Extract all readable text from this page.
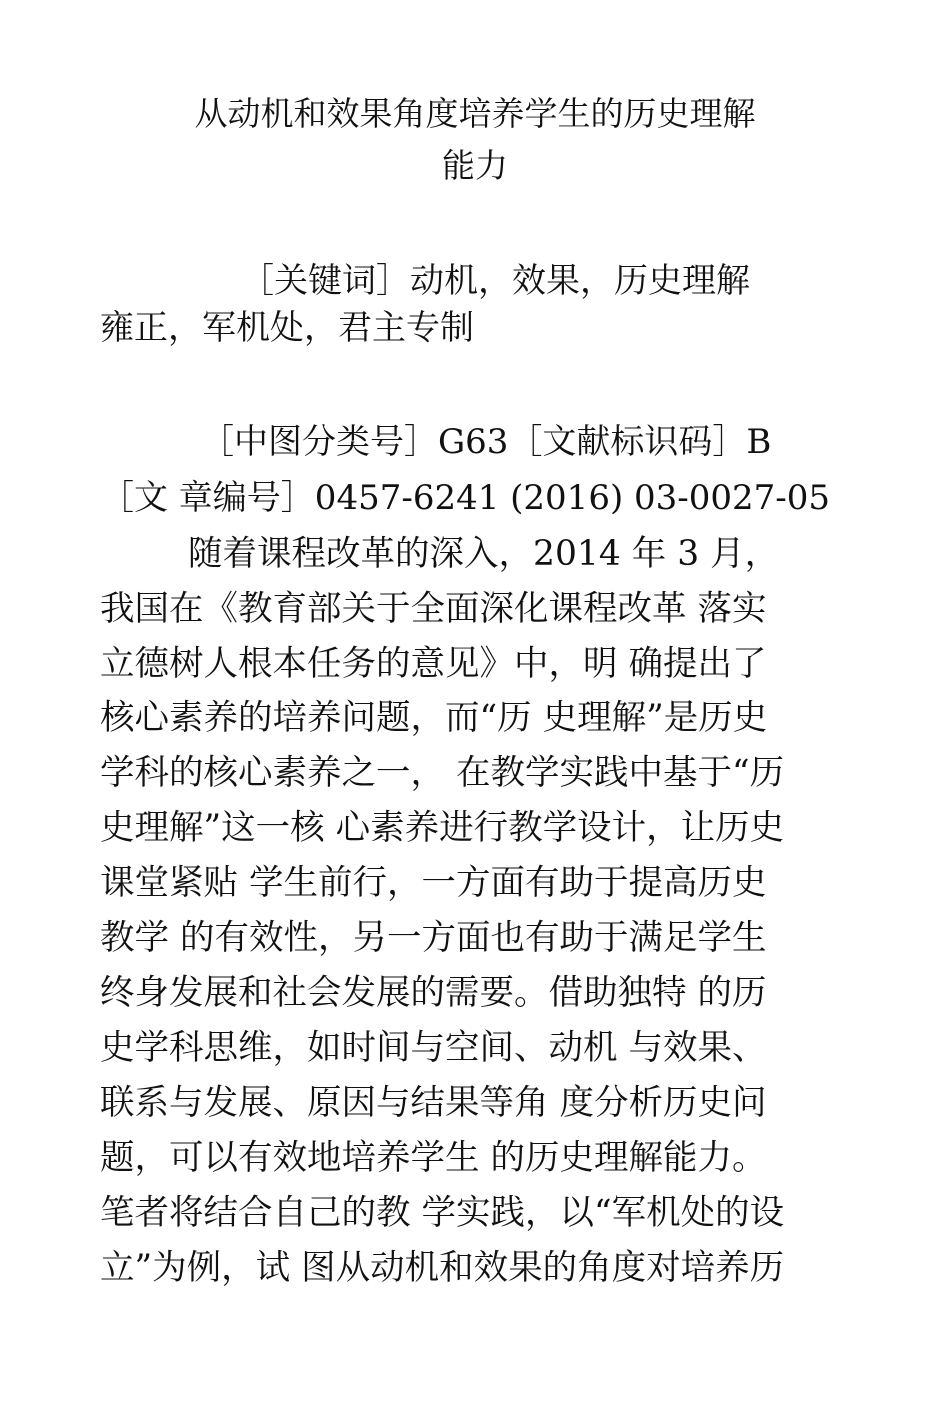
从动机和效果角度培养学生的历史理解
能力
［关键词］动机，效果，历史理解
雍正，军机处，君主专制
［中图分类号］G63［文献标识码］B
［文 章编号］0457-6241 (2016) 03-0027-05
随着课程改革的深入，2014 年 3 月，
我国在《教育部关于全面深化课程改革 落实
立德树人根本任务的意见》中，明 确提出了
核心素养的培养问题，而“历 史理解”是历史
学科的核心素养之一， 在教学实践中基于“历
史理解”这一核 心素养进行教学设计，让历史
课堂紧贴 学生前行，一方面有助于提高历史
教学 的有效性，另一方面也有助于满足学生
终身发展和社会发展的需要。借助独特 的历
史学科思维，如时间与空间、动机 与效果、
联系与发展、原因与结果等角 度分析历史问
题，可以有效地培养学生 的历史理解能力。
笔者将结合自己的教 学实践，以“军机处的设
立”为例，试 图从动机和效果的角度对培养历
